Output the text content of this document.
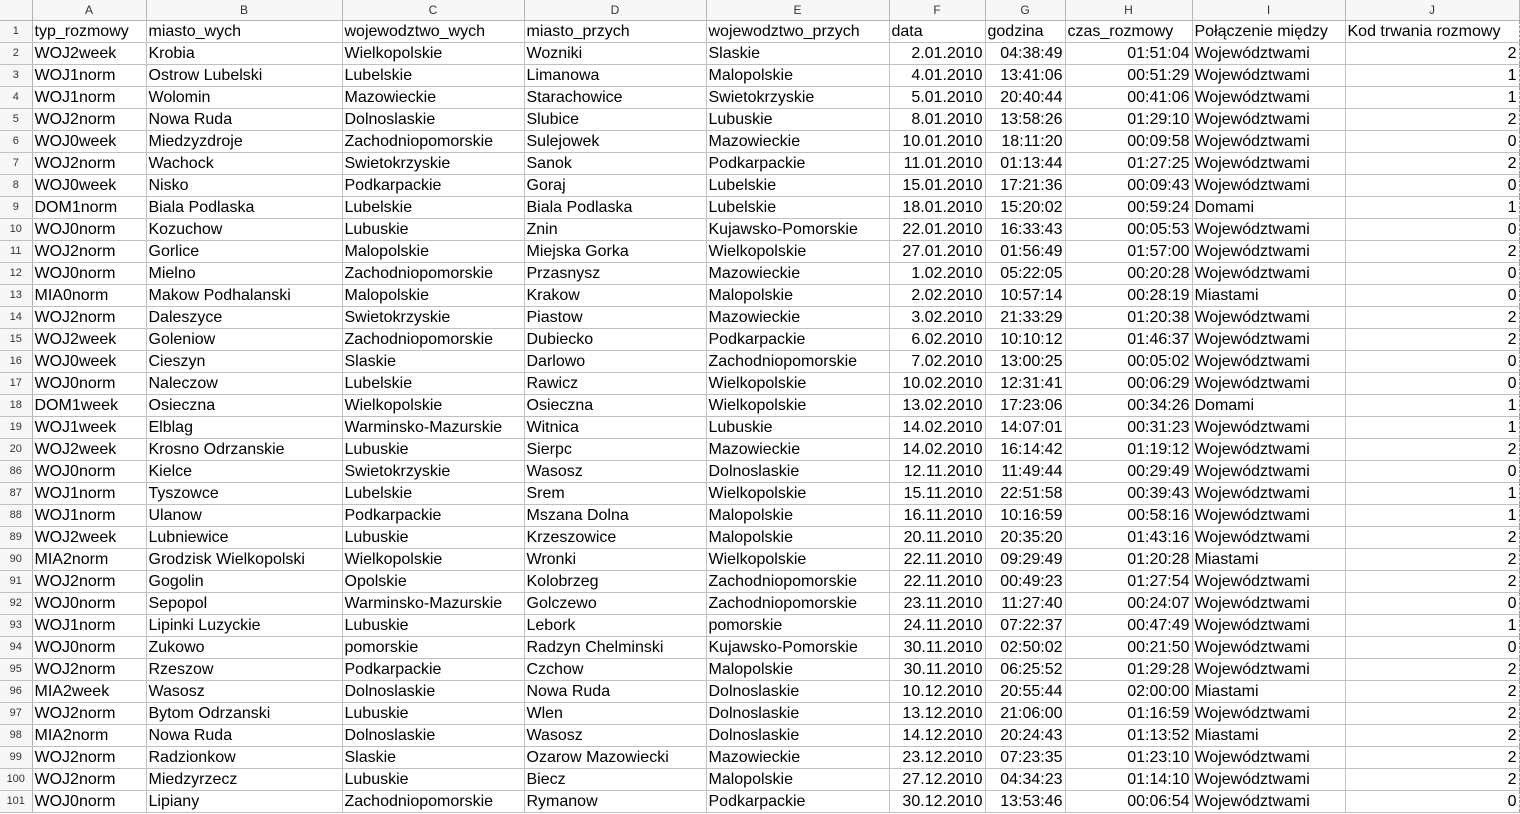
	A	B	C	D	E	F	G	H	I	J
1	typ_rozmowy	miasto_wych	wojewodztwo_wych	miasto_przych	wojewodztwo_przych	data	godzina	czas_rozmowy	Połączenie między	Kod trwania rozmowy
2	WOJ2week	Krobia	Wielkopolskie	Wozniki	Slaskie	2.01.2010	04:38:49	01:51:04	Województwami	2
3	WOJ1norm	Ostrow Lubelski	Lubelskie	Limanowa	Malopolskie	4.01.2010	13:41:06	00:51:29	Województwami	1
4	WOJ1norm	Wolomin	Mazowieckie	Starachowice	Swietokrzyskie	5.01.2010	20:40:44	00:41:06	Województwami	1
5	WOJ2norm	Nowa Ruda	Dolnoslaskie	Slubice	Lubuskie	8.01.2010	13:58:26	01:29:10	Województwami	2
6	WOJ0week	Miedzyzdroje	Zachodniopomorskie	Sulejowek	Mazowieckie	10.01.2010	18:11:20	00:09:58	Województwami	0
7	WOJ2norm	Wachock	Swietokrzyskie	Sanok	Podkarpackie	11.01.2010	01:13:44	01:27:25	Województwami	2
8	WOJ0week	Nisko	Podkarpackie	Goraj	Lubelskie	15.01.2010	17:21:36	00:09:43	Województwami	0
9	DOM1norm	Biala Podlaska	Lubelskie	Biala Podlaska	Lubelskie	18.01.2010	15:20:02	00:59:24	Domami	1
10	WOJ0norm	Kozuchow	Lubuskie	Znin	Kujawsko-Pomorskie	22.01.2010	16:33:43	00:05:53	Województwami	0
11	WOJ2norm	Gorlice	Malopolskie	Miejska Gorka	Wielkopolskie	27.01.2010	01:56:49	01:57:00	Województwami	2
12	WOJ0norm	Mielno	Zachodniopomorskie	Przasnysz	Mazowieckie	1.02.2010	05:22:05	00:20:28	Województwami	0
13	MIA0norm	Makow Podhalanski	Malopolskie	Krakow	Malopolskie	2.02.2010	10:57:14	00:28:19	Miastami	0
14	WOJ2norm	Daleszyce	Swietokrzyskie	Piastow	Mazowieckie	3.02.2010	21:33:29	01:20:38	Województwami	2
15	WOJ2week	Goleniow	Zachodniopomorskie	Dubiecko	Podkarpackie	6.02.2010	10:10:12	01:46:37	Województwami	2
16	WOJ0week	Cieszyn	Slaskie	Darlowo	Zachodniopomorskie	7.02.2010	13:00:25	00:05:02	Województwami	0
17	WOJ0norm	Naleczow	Lubelskie	Rawicz	Wielkopolskie	10.02.2010	12:31:41	00:06:29	Województwami	0
18	DOM1week	Osieczna	Wielkopolskie	Osieczna	Wielkopolskie	13.02.2010	17:23:06	00:34:26	Domami	1
19	WOJ1week	Elblag	Warminsko-Mazurskie	Witnica	Lubuskie	14.02.2010	14:07:01	00:31:23	Województwami	1
20	WOJ2week	Krosno Odrzanskie	Lubuskie	Sierpc	Mazowieckie	14.02.2010	16:14:42	01:19:12	Województwami	2
86	WOJ0norm	Kielce	Swietokrzyskie	Wasosz	Dolnoslaskie	12.11.2010	11:49:44	00:29:49	Województwami	0
87	WOJ1norm	Tyszowce	Lubelskie	Srem	Wielkopolskie	15.11.2010	22:51:58	00:39:43	Województwami	1
88	WOJ1norm	Ulanow	Podkarpackie	Mszana Dolna	Malopolskie	16.11.2010	10:16:59	00:58:16	Województwami	1
89	WOJ2week	Lubniewice	Lubuskie	Krzeszowice	Malopolskie	20.11.2010	20:35:20	01:43:16	Województwami	2
90	MIA2norm	Grodzisk Wielkopolski	Wielkopolskie	Wronki	Wielkopolskie	22.11.2010	09:29:49	01:20:28	Miastami	2
91	WOJ2norm	Gogolin	Opolskie	Kolobrzeg	Zachodniopomorskie	22.11.2010	00:49:23	01:27:54	Województwami	2
92	WOJ0norm	Sepopol	Warminsko-Mazurskie	Golczewo	Zachodniopomorskie	23.11.2010	11:27:40	00:24:07	Województwami	0
93	WOJ1norm	Lipinki Luzyckie	Lubuskie	Lebork	pomorskie	24.11.2010	07:22:37	00:47:49	Województwami	1
94	WOJ0norm	Zukowo	pomorskie	Radzyn Chelminski	Kujawsko-Pomorskie	30.11.2010	02:50:02	00:21:50	Województwami	0
95	WOJ2norm	Rzeszow	Podkarpackie	Czchow	Malopolskie	30.11.2010	06:25:52	01:29:28	Województwami	2
96	MIA2week	Wasosz	Dolnoslaskie	Nowa Ruda	Dolnoslaskie	10.12.2010	20:55:44	02:00:00	Miastami	2
97	WOJ2norm	Bytom Odrzanski	Lubuskie	Wlen	Dolnoslaskie	13.12.2010	21:06:00	01:16:59	Województwami	2
98	MIA2norm	Nowa Ruda	Dolnoslaskie	Wasosz	Dolnoslaskie	14.12.2010	20:24:43	01:13:52	Miastami	2
99	WOJ2norm	Radzionkow	Slaskie	Ozarow Mazowiecki	Mazowieckie	23.12.2010	07:23:35	01:23:10	Województwami	2
100	WOJ2norm	Miedzyrzecz	Lubuskie	Biecz	Malopolskie	27.12.2010	04:34:23	01:14:10	Województwami	2
101	WOJ0norm	Lipiany	Zachodniopomorskie	Rymanow	Podkarpackie	30.12.2010	13:53:46	00:06:54	Województwami	0
